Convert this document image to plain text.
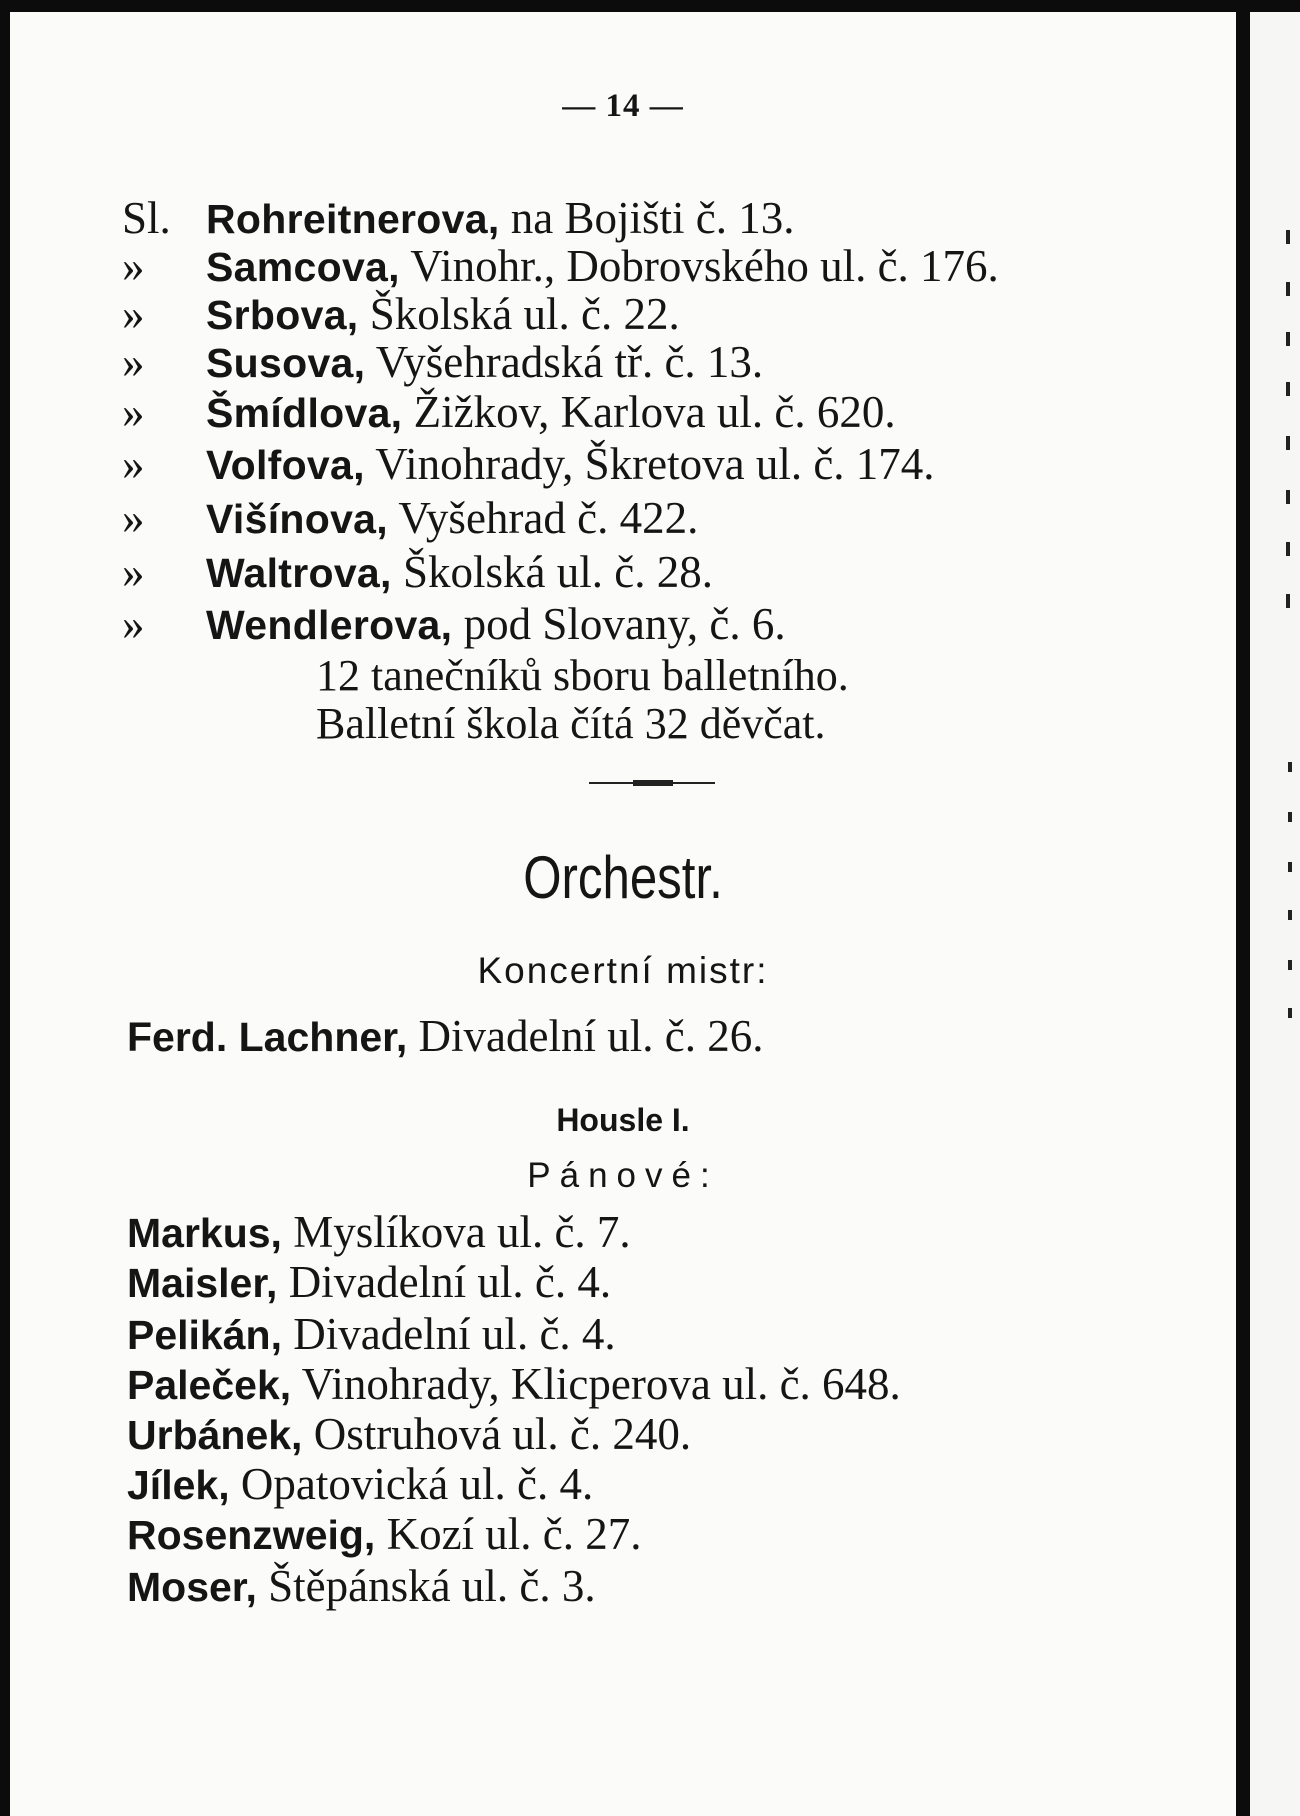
— 14 —
Sl. Rohreitnerova, na Bojišti č. 13.
» Samcova, Vinohr., Dobrovského ul. č. 176.
» Srbova, Školská ul. č. 22.
» Susova, Vyšehradská tř. č. 13.
» Šmídlova, Žižkov, Karlova ul. č. 620.
» Volfova, Vinohrady, Škretova ul. č. 174.
» Višínova, Vyšehrad č. 422.
» Waltrova, Školská ul. č. 28.
» Wendlerova, pod Slovany, č. 6.
12 tanečníků sboru balletního.
Balletní škola čítá 32 děvčat.
Orchestr.
Koncertní mistr:
Ferd. Lachner, Divadelní ul. č. 26.
Housle I.
Pánové:
Markus, Myslíkova ul. č. 7.
Maisler, Divadelní ul. č. 4.
Pelikán, Divadelní ul. č. 4.
Paleček, Vinohrady, Klicperova ul. č. 648.
Urbánek, Ostruhová ul. č. 240.
Jílek, Opatovická ul. č. 4.
Rosenzweig, Kozí ul. č. 27.
Moser, Štěpánská ul. č. 3.
